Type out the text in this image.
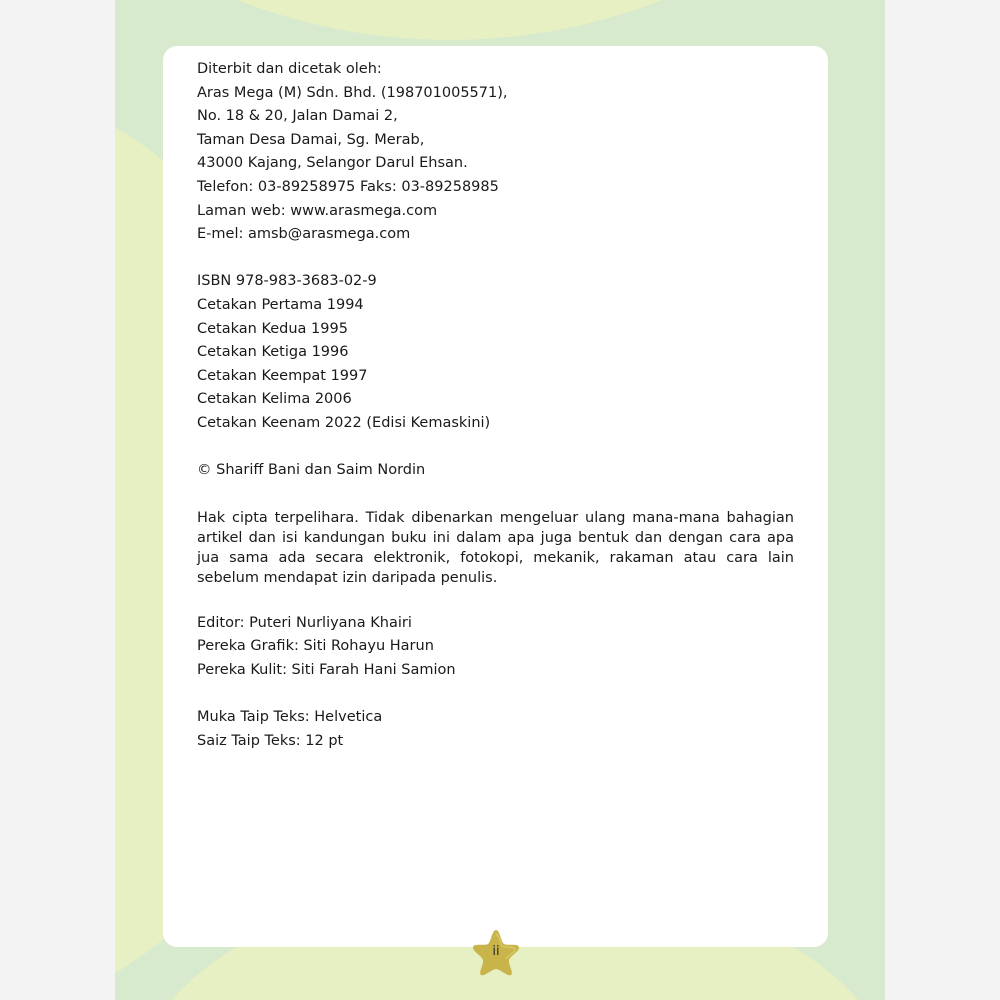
Diterbit dan dicetak oleh:
Aras Mega (M) Sdn. Bhd. (198701005571),
No. 18 & 20, Jalan Damai 2,
Taman Desa Damai, Sg. Merab,
43000 Kajang, Selangor Darul Ehsan.
Telefon: 03-89258975 Faks: 03-89258985
Laman web: www.arasmega.com
E-mel: amsb@arasmega.com
ISBN 978-983-3683-02-9
Cetakan Pertama 1994
Cetakan Kedua 1995
Cetakan Ketiga 1996
Cetakan Keempat 1997
Cetakan Kelima 2006
Cetakan Keenam 2022 (Edisi Kemaskini)
© Shariff Bani dan Saim Nordin
Hak cipta terpelihara. Tidak dibenarkan mengeluar ulang mana-mana bahagian artikel dan isi kandungan buku ini dalam apa juga bentuk dan dengan cara apa jua sama ada secara elektronik, fotokopi, mekanik, rakaman atau cara lain sebelum mendapat izin daripada penulis.
Editor: Puteri Nurliyana Khairi
Pereka Grafik: Siti Rohayu Harun
Pereka Kulit: Siti Farah Hani Samion
Muka Taip Teks: Helvetica
Saiz Taip Teks: 12 pt
ii
